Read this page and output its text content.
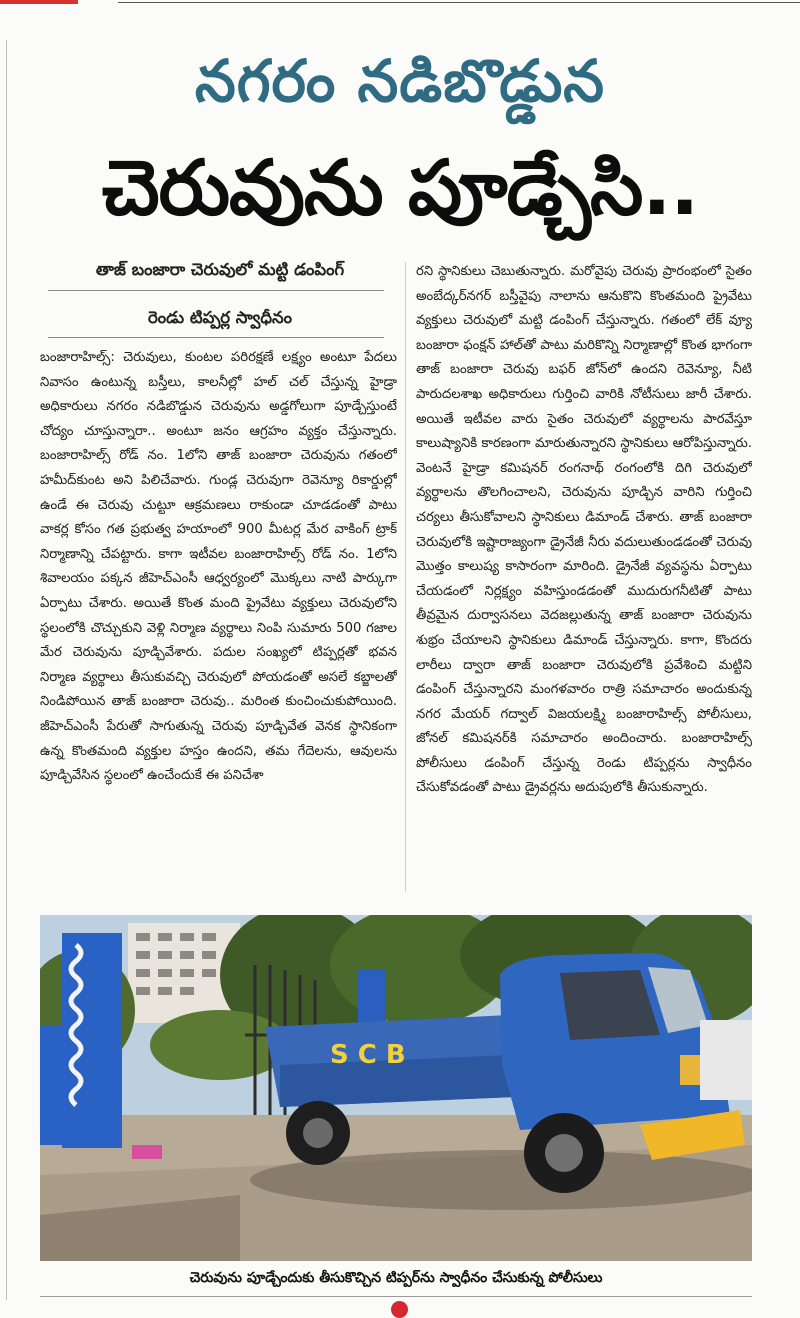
నగరం నడిబొడ్డున
చెరువును పూడ్చేసి..
తాజ్ బంజారా చెరువులో మట్టి డంపింగ్
రెండు టిప్పర్ల స్వాధీనం

బంజారాహిల్స్: చెరువులు, కుంటల పరిరక్షణే లక్ష్యం అంటూ పేదలు నివాసం ఉంటున్న బస్తీలు, కాలనీల్లో హల్ చల్ చేస్తున్న హైడ్రా అధికారులు నగరం నడిబొడ్డున చెరువును అడ్డగోలుగా పూడ్చేస్తుంటే చోద్యం చూస్తున్నారా.. అంటూ జనం ఆగ్రహం వ్యక్తం చేస్తున్నారు. బంజారాహిల్స్ రోడ్ నం. 1లోని తాజ్ బంజారా చెరువును గతంలో హమీద్‌కుంట అని పిలిచేవారు. గుండ్ల చెరువుగా రెవెన్యూ రికార్డుల్లో ఉండే ఈ చెరువు చుట్టూ ఆక్రమణలు రాకుండా చూడడంతో పాటు వాకర్ల కోసం గత ప్రభుత్వ హయాంలో 900 మీటర్ల మేర వాకింగ్ ట్రాక్ నిర్మాణాన్ని చేపట్టారు. కాగా ఇటీవల బంజారాహిల్స్ రోడ్ నం. 1లోని శివాలయం పక్కన జీహెచ్‌ఎంసీ ఆధ్వర్యంలో మొక్కలు నాటి పార్కుగా ఏర్పాటు చేశారు. అయితే కొంత మంది ప్రైవేటు వ్యక్తులు చెరువులోని స్థలంలోకి చొచ్చుకుని వెళ్లి నిర్మాణ వ్యర్థాలు నింపి సుమారు 500 గజాల మేర చెరువును పూడ్చివేశారు. పదుల సంఖ్యలో టిప్పర్లతో భవన నిర్మాణ వ్యర్థాలు తీసుకువచ్చి చెరువులో పోయడంతో అసలే కబ్జాలతో నిండిపోయిన తాజ్ బంజారా చెరువు.. మరింత కుంచించుకుపోయింది. జీహెచ్‌ఎంసీ పేరుతో సాగుతున్న చెరువు పూడ్చివేత వెనక స్థానికంగా ఉన్న కొంతమంది వ్యక్తుల హస్తం ఉందని, తమ గేదెలను, ఆవులను పూడ్చివేసిన స్థలంలో ఉంచేందుకే ఈ పనిచేశా

రని స్థానికులు చెబుతున్నారు. మరోవైపు చెరువు ప్రారంభంలో సైతం అంబేద్కర్‌నగర్ బస్తీవైపు నాలాను ఆనుకొని కొంతమంది ప్రైవేటు వ్యక్తులు చెరువులో మట్టి డంపింగ్ చేస్తున్నారు. గతంలో లేక్ వ్యూ బంజారా ఫంక్షన్ హాల్‌తో పాటు మరికొన్ని నిర్మాణాల్లో కొంత భాగంగా తాజ్ బంజారా చెరువు బఫర్ జోన్‌లో ఉందని రెవెన్యూ, నీటి పారుదలశాఖ అధికారులు గుర్తించి వారికి నోటీసులు జారీ చేశారు. అయితే ఇటీవల వారు సైతం చెరువులో వ్యర్థాలను పారవేస్తూ కాలుష్యానికి కారణంగా మారుతున్నారని స్థానికులు ఆరోపిస్తున్నారు. వెంటనే హైడ్రా కమిషనర్ రంగనాథ్ రంగంలోకి దిగి చెరువులో వ్యర్థాలను తొలగించాలని, చెరువును పూడ్చిన వారిని గుర్తించి చర్యలు తీసుకోవాలని స్థానికులు డిమాండ్ చేశారు. తాజ్ బంజారా చెరువులోకి ఇష్టారాజ్యంగా డ్రైనేజీ నీరు వదులుతుండడంతో చెరువు మొత్తం కాలుష్య కాసారంగా మారింది. డ్రైనేజీ వ్యవస్థను ఏర్పాటు చేయడంలో నిర్లక్ష్యం వహిస్తుండడంతో ముదురుగనీటితో పాటు తీవ్రమైన దుర్వాసనలు వెదజల్లుతున్న తాజ్ బంజారా చెరువును శుభ్రం చేయాలని స్థానికులు డిమాండ్ చేస్తున్నారు. కాగా, కొందరు లారీలు ద్వారా తాజ్ బంజారా చెరువులోకి ప్రవేశించి మట్టిని డంపింగ్ చేస్తున్నారని మంగళవారం రాత్రి సమాచారం అందుకున్న నగర మేయర్ గద్వాల్ విజయలక్ష్మి బంజారాహిల్స్ పోలీసులు, జోనల్ కమిషనర్‌కి సమాచారం అందించారు. బంజారాహిల్స్ పోలీసులు డంపింగ్ చేస్తున్న రెండు టిప్పర్లను స్వాధీనం చేసుకోవడంతో పాటు డ్రైవర్లను అదుపులోకి తీసుకున్నారు.

S C B
చెరువును పూడ్చేందుకు తీసుకొచ్చిన టిప్పర్‌ను స్వాధీనం చేసుకున్న పోలీసులు
